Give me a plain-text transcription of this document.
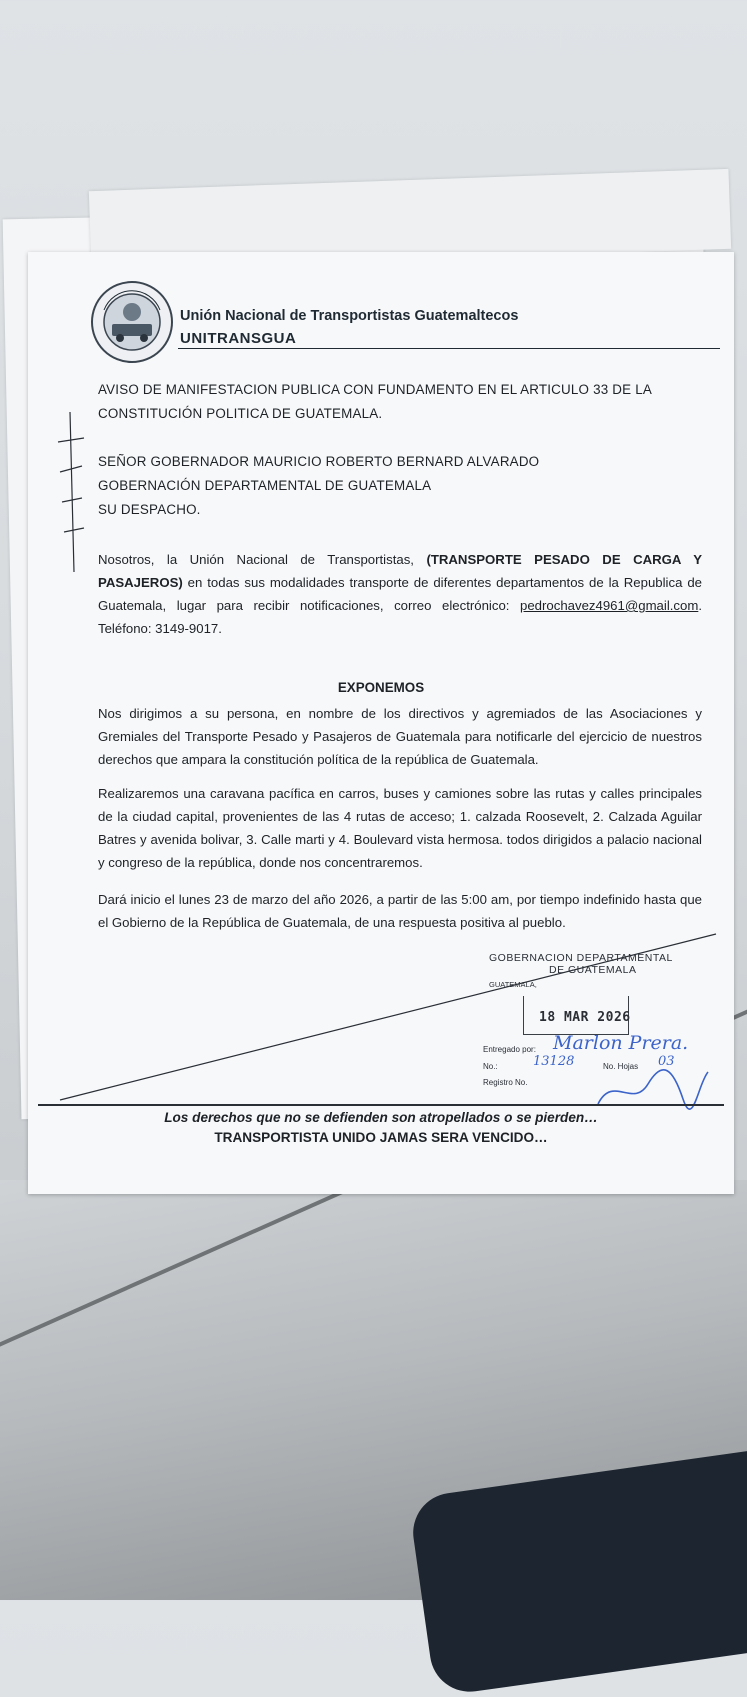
Unión Nacional de Transportistas Guatemaltecos
UNITRANSGUA
AVISO DE MANIFESTACION PUBLICA CON FUNDAMENTO EN EL ARTICULO 33 DE LA
CONSTITUCIÓN POLITICA DE GUATEMALA.
SEÑOR GOBERNADOR MAURICIO ROBERTO BERNARD ALVARADO
GOBERNACIÓN DEPARTAMENTAL DE GUATEMALA
SU DESPACHO.
Nosotros, la Unión Nacional de Transportistas, (TRANSPORTE PESADO DE CARGA Y PASAJEROS) en todas sus modalidades transporte de diferentes departamentos de la Republica de Guatemala, lugar para recibir notificaciones, correo electrónico: pedrochavez4961@gmail.com. Teléfono: 3149-9017.
EXPONEMOS
Nos dirigimos a su persona, en nombre de los directivos y agremiados de las Asociaciones y Gremiales del Transporte Pesado y Pasajeros de Guatemala para notificarle del ejercicio de nuestros derechos que ampara la constitución política de la república de Guatemala.
Realizaremos una caravana pacífica en carros, buses y camiones sobre las rutas y calles principales de la ciudad capital, provenientes de las 4 rutas de acceso; 1. calzada Roosevelt, 2. Calzada Aguilar Batres y avenida bolivar, 3. Calle marti y 4. Boulevard vista hermosa. todos dirigidos a palacio nacional y congreso de la república, donde nos concentraremos.
Dará inicio el lunes 23 de marzo del año 2026, a partir de las 5:00 am, por tiempo indefinido hasta que el Gobierno de la República de Guatemala, de una respuesta positiva al pueblo.
GOBERNACION DEPARTAMENTAL
DE GUATEMALA
GUATEMALA,
18 MAR 2026
Entregado por: Marlon Prera.
No.:	13128	No. Hojas 03
Registro No.
Los derechos que no se defienden son atropellados o se pierden…
TRANSPORTISTA UNIDO JAMAS SERA VENCIDO…
